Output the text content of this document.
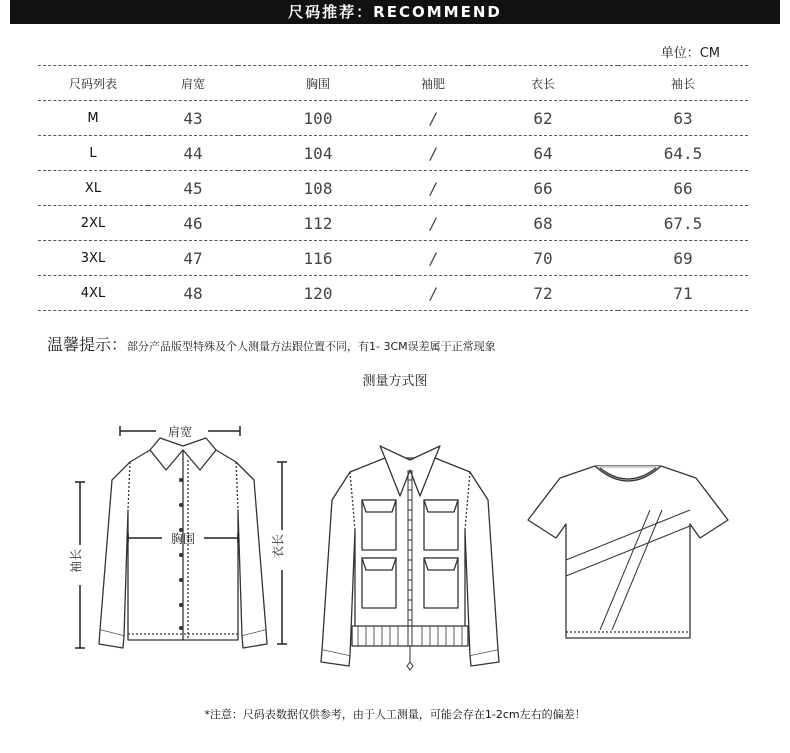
尺码推荐：RECOMMEND
单位：CM
尺码列表	肩宽	胸围	袖肥	衣长	袖长
M	43	100	/	62	63
L	44	104	/	64	64.5
XL	45	108	/	66	66
2XL	46	112	/	68	67.5
3XL	47	116	/	70	69
4XL	48	120	/	72	71
温馨提示：部分产品版型特殊及个人测量方法跟位置不同，有1- 3CM误差属于正常现象
测量方式图
肩宽
胸围
袖长
衣长
*注意：尺码表数据仅供参考，由于人工测量，可能会存在1-2cm左右的偏差！
